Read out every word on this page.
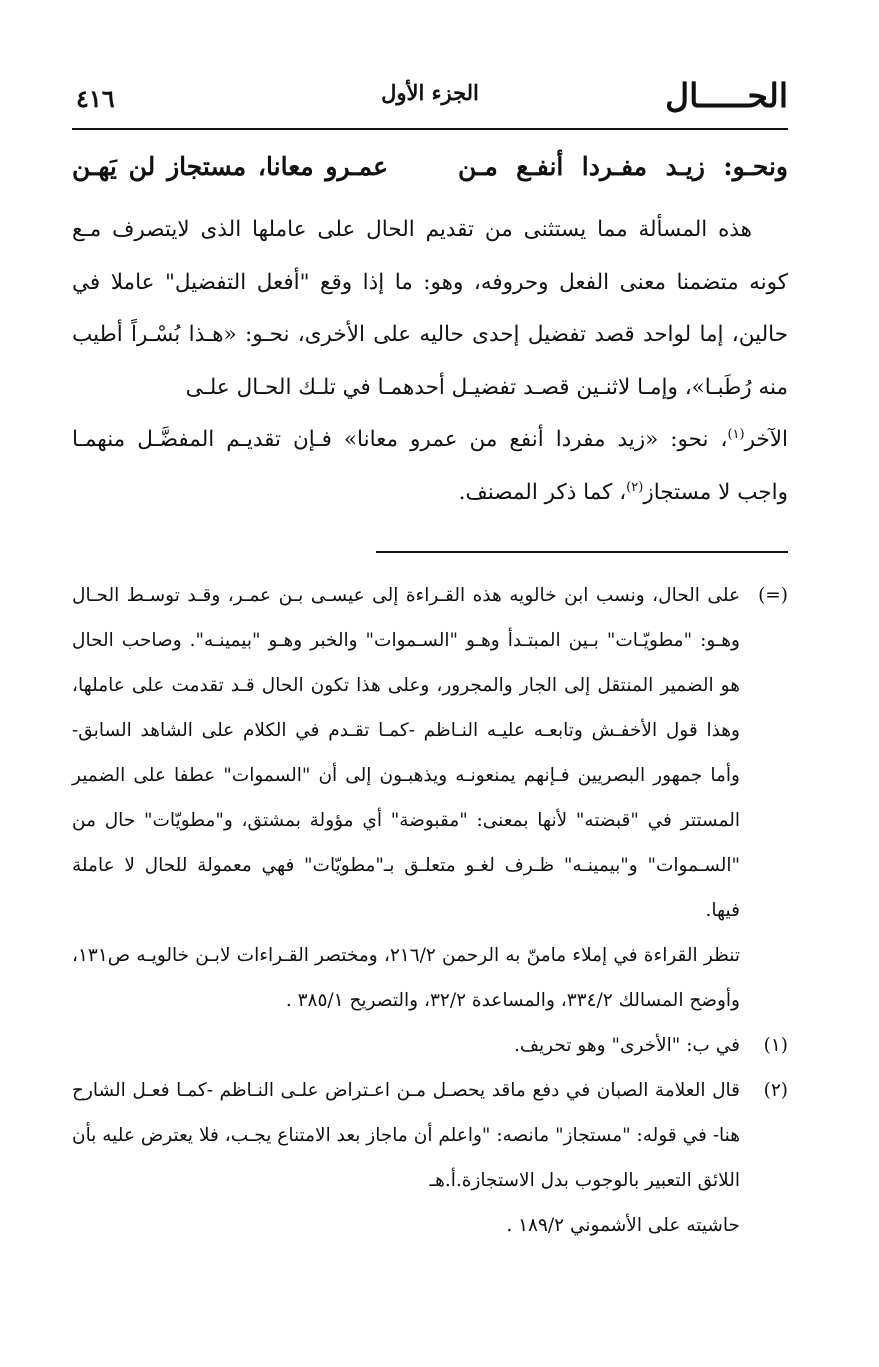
الحـــــال
الجزء الأول
٤١٦
ونحـو: زيـد مفـردا أنفـع مـن
عمـرو معانا، مستجاز لن يَهـن

هذه المسألة مما يستثنى من تقديم الحال على عاملها الذى لايتصرف مـع كونه متضمنا معنى الفعل وحروفه، وهو: ما إذا وقع "أفعل التفضيل" عاملا في حالين، إما لواحد قصد تفضيل إحدى حاليه على الأخرى، نحـو: «هـذا بُسْـراً أطيب منه رُطَبـا»، وإمـا لاثنـين قصـد تفضيـل أحدهمـا في تلـك الحـال علـى

الآخر$^{(١)}$، نحو: «زيد مفردا أنفع من عمرو معانا» فـإن تقديـم المفضَّـل منهمـا واجب لا مستجاز$^{(٢)}$، كما ذكر المصنف.

(=)

على الحال، ونسب ابن خالويه هذه القـراءة إلى عيسـى بـن عمـر، وقـد توسـط الحـال وهـو: "مطويّـات" بـين المبتـدأ وهـو "السـموات" والخبر وهـو "بيمينـه". وصاحب الحال هو الضمير المنتقل إلى الجار والمجرور، وعلى هذا تكون الحال قـد تقدمت على عاملها، وهذا قول الأخفـش وتابعـه عليـه النـاظم -كمـا تقـدم في الكلام على الشاهد السابق- وأما جمهور البصريين فـإنهم يمنعونـه ويذهبـون إلى أن "السموات" عطفا على الضمير المستتر في "قبضته" لأنها بمعنى: "مقبوضة" أي مؤولة بمشتق، و"مطويّات" حال من "السـموات" و"بيمينـه" ظـرف لغـو متعلـق بـ"مطويّات" فهي معمولة للحال لا عاملة فيها.

تنظر القراءة في إملاء مامنّ به الرحمن ٢١٦/٢، ومختصر القـراءات لابـن خالويـه ص١٣١، وأوضح المسالك ٣٣٤/٢، والمساعدة ٣٢/٢، والتصريح ٣٨٥/١ .

(١)

في ب: "الأخرى" وهو تحريف.

(٢)

قال العلامة الصبان في دفع ماقد يحصـل مـن اعـتراض علـى النـاظم -كمـا فعـل الشارح هنا- في قوله: "مستجاز" مانصه: "واعلم أن ماجاز بعد الامتناع يجـب، فلا يعترض عليه بأن اللائق التعبير بالوجوب بدل الاستجازة.أ.هـ

حاشيته على الأشموني ١٨٩/٢ .
